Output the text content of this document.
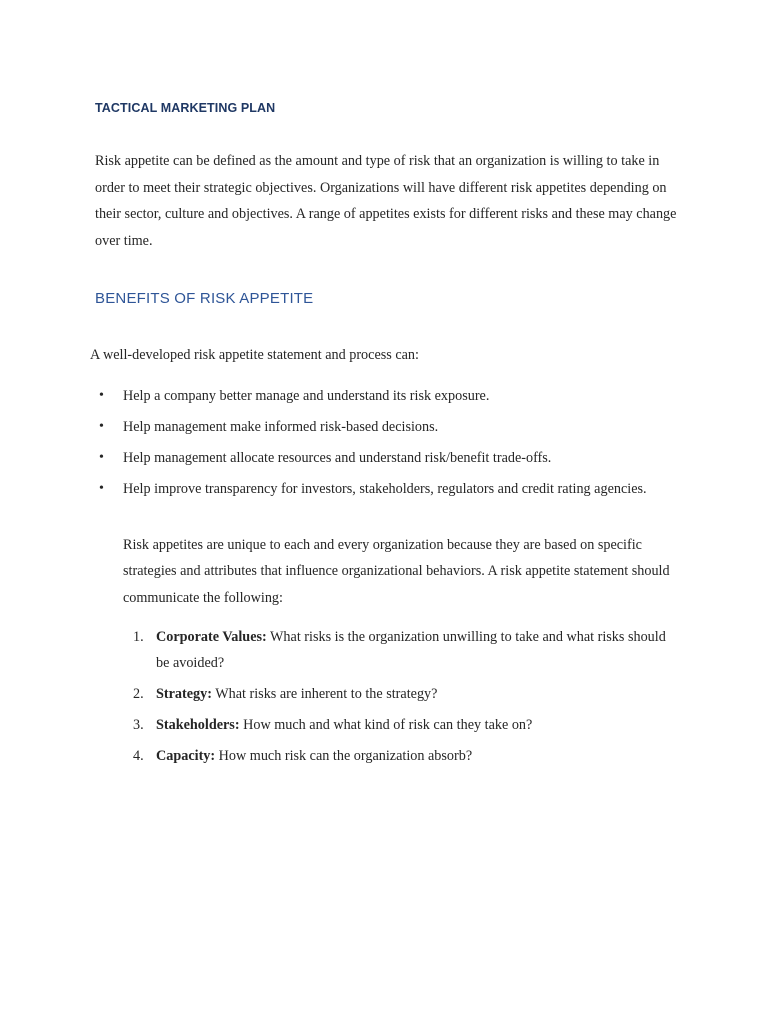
TACTICAL MARKETING PLAN

Risk appetite can be defined as the amount and type of risk that an organization is willing to take in order to meet their strategic objectives. Organizations will have different risk appetites depending on their sector, culture and objectives. A range of appetites exists for different risks and these may change over time.

BENEFITS OF RISK APPETITE

A well-developed risk appetite statement and process can:

• Help a company better manage and understand its risk exposure.
• Help management make informed risk-based decisions.
• Help management allocate resources and understand risk/benefit trade-offs.
• Help improve transparency for investors, stakeholders, regulators and credit rating agencies.

Risk appetites are unique to each and every organization because they are based on specific strategies and attributes that influence organizational behaviors. A risk appetite statement should communicate the following:

1. Corporate Values: What risks is the organization unwilling to take and what risks should be avoided?
2. Strategy: What risks are inherent to the strategy?
3. Stakeholders: How much and what kind of risk can they take on?
4. Capacity: How much risk can the organization absorb?
